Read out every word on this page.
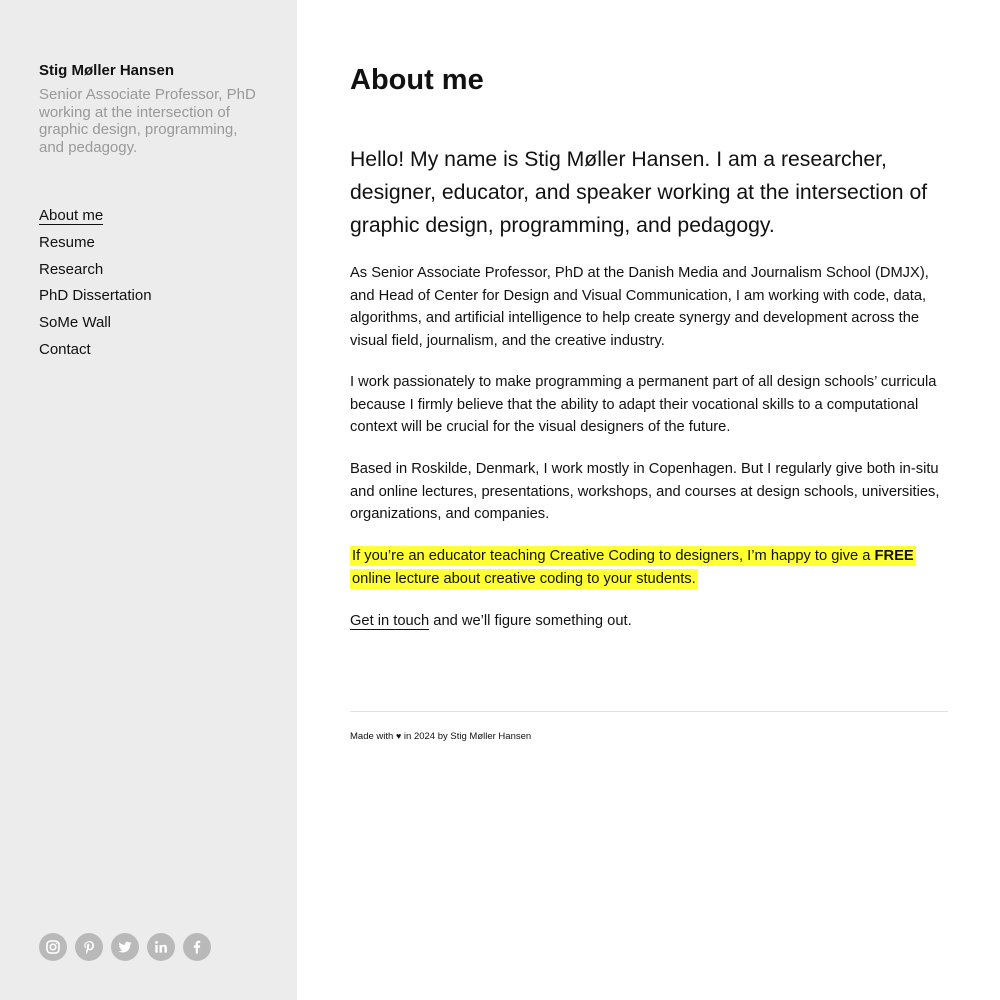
Stig Møller Hansen
Senior Associate Professor, PhD working at the intersection of graphic design, programming, and pedagogy.
About me
Resume
Research
PhD Dissertation
SoMe Wall
Contact
About me

Hello! My name is Stig Møller Hansen. I am a researcher, designer, educator, and speaker working at the intersection of graphic design, programming, and pedagogy.

As Senior Associate Professor, PhD at the Danish Media and Journalism School (DMJX), and Head of Center for Design and Visual Communication, I am working with code, data, algorithms, and artificial intelligence to help create synergy and development across the visual field, journalism, and the creative industry.

I work passionately to make programming a permanent part of all design schools’ curricula because I firmly believe that the ability to adapt their vocational skills to a computational context will be crucial for the visual designers of the future.

Based in Roskilde, Denmark, I work mostly in Copenhagen. But I regularly give both in-situ and online lectures, presentations, workshops, and courses at design schools, universities, organizations, and companies.

If you’re an educator teaching Creative Coding to designers, I’m happy to give a FREE online lecture about creative coding to your students.

Get in touch and we’ll figure something out.

Made with ♥ in 2024 by Stig Møller Hansen
